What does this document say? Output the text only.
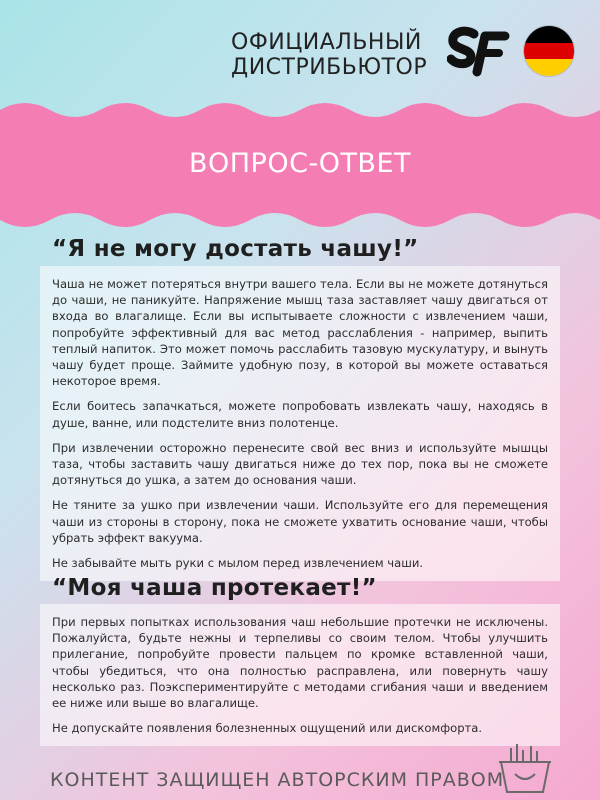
ОФИЦИАЛЬНЫЙ
ДИСТРИБЬЮТОР
ВОПРОС-ОТВЕТ
“Я не могу достать чашу!”

Чаша не может потеряться внутри вашего тела. Если вы не можете дотянуться до чаши, не паникуйте. Напряжение мышц таза заставляет чашу двигаться от входа во влагалище. Если вы испытываете сложности с извлечением чаши, попробуйте эффективный для вас метод расслабления - например, выпить теплый напиток. Это может помочь расслабить тазовую мускулатуру, и вынуть чашу будет проще. Займите удобную позу, в которой вы можете оставаться некоторое время.

Если боитесь запачкаться, можете попробовать извлекать чашу, находясь в душе, ванне, или подстелите вниз полотенце.

При извлечении осторожно перенесите свой вес вниз и используйте мышцы таза, чтобы заставить чашу двигаться ниже до тех пор, пока вы не сможете дотянуться до ушка, а затем до основания чаши.

Не тяните за ушко при извлечении чаши. Используйте его для перемещения чаши из стороны в сторону, пока не сможете ухватить основание чаши, чтобы убрать эффект вакуума.

Не забывайте мыть руки с мылом перед извлечением чаши.

“Моя чаша протекает!”

При первых попытках использования чаш небольшие протечки не исключены. Пожалуйста, будьте нежны и терпеливы со своим телом. Чтобы улучшить прилегание, попробуйте провести пальцем по кромке вставленной чаши, чтобы убедиться, что она полностью расправлена, или повернуть чашу несколько раз. Поэкспериментируйте с методами сгибания чаши и введением ее ниже или выше во влагалище.

Не допускайте появления болезненных ощущений или дискомфорта.

КОНТЕНТ ЗАЩИЩЕН АВТОРСКИМ ПРАВОМ
